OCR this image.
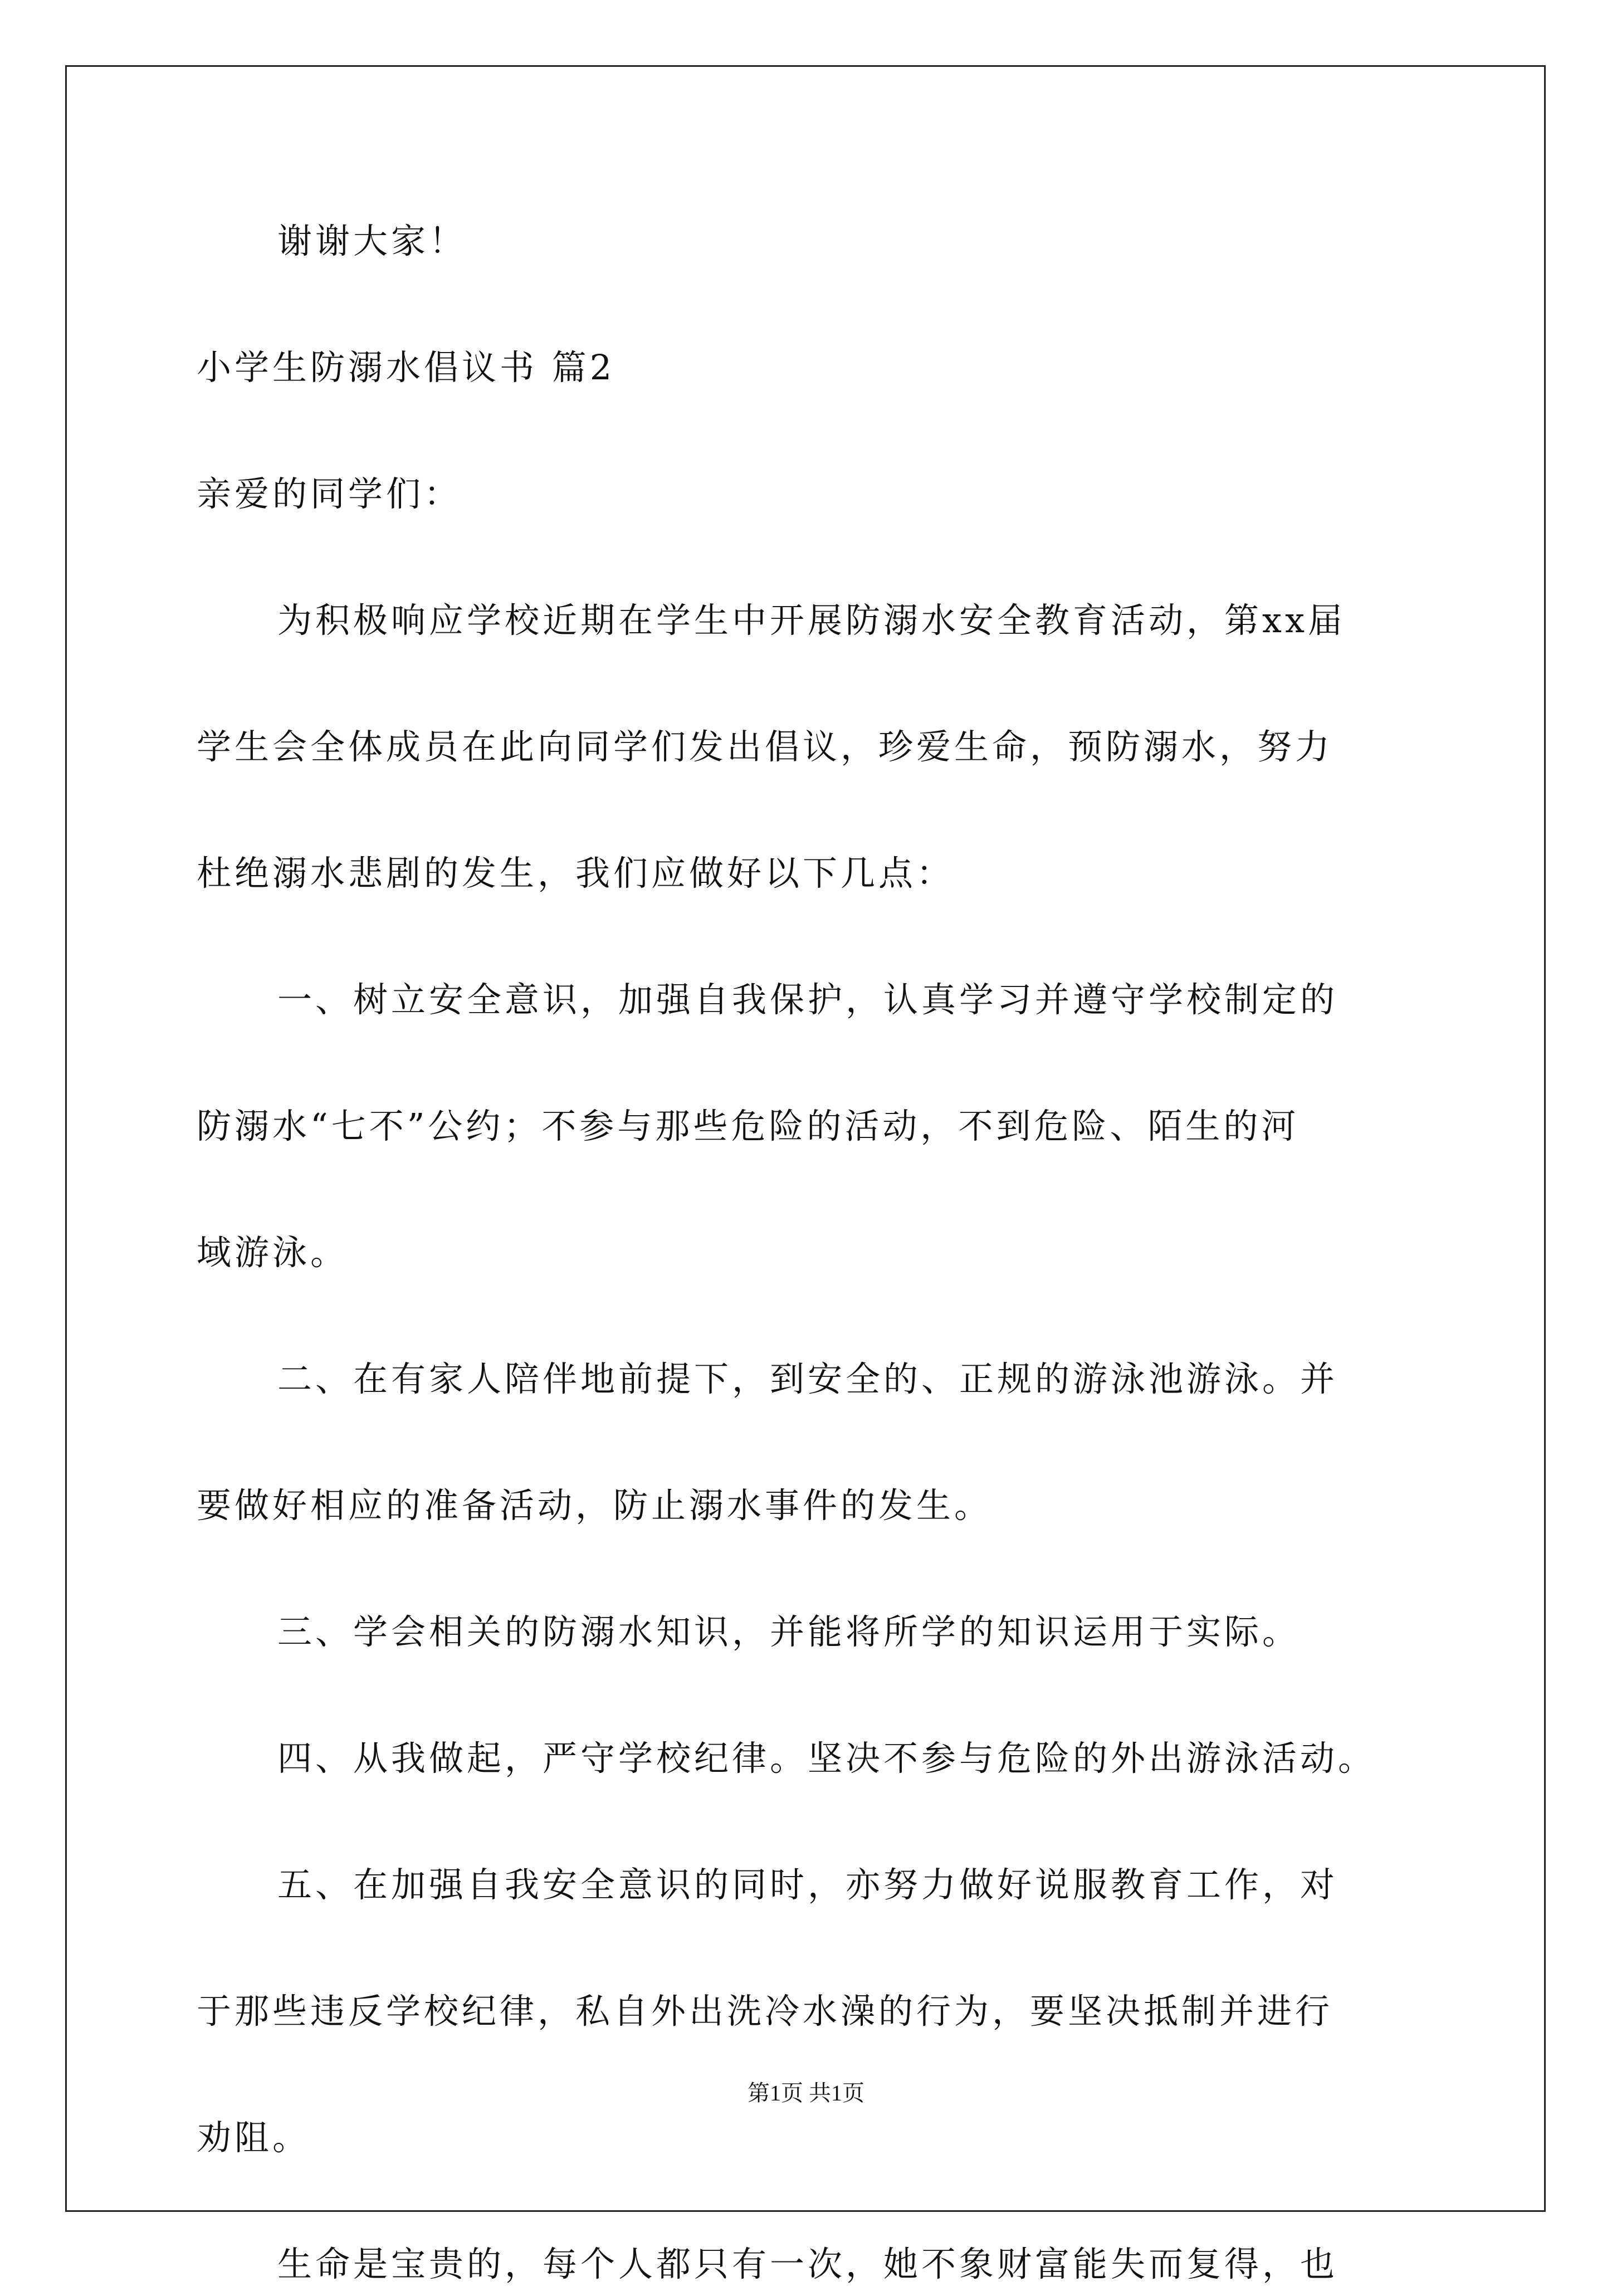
谢谢大家！

小学生防溺水倡议书 篇2

亲爱的同学们：

为积极响应学校近期在学生中开展防溺水安全教育活动，第xx届

学生会全体成员在此向同学们发出倡议，珍爱生命，预防溺水，努力

杜绝溺水悲剧的发生，我们应做好以下几点：

一、树立安全意识，加强自我保护，认真学习并遵守学校制定的

防溺水“七不”公约；不参与那些危险的活动，不到危险、陌生的河

域游泳。

二、在有家人陪伴地前提下，到安全的、正规的游泳池游泳。并

要做好相应的准备活动，防止溺水事件的发生。

三、学会相关的防溺水知识，并能将所学的知识运用于实际。

四、从我做起，严守学校纪律。坚决不参与危险的外出游泳活动。

五、在加强自我安全意识的同时，亦努力做好说服教育工作，对

于那些违反学校纪律，私自外出洗冷水澡的行为，要坚决抵制并进行

劝阻。

生命是宝贵的，每个人都只有一次，她不象财富能失而复得，也

第1页 共1页
